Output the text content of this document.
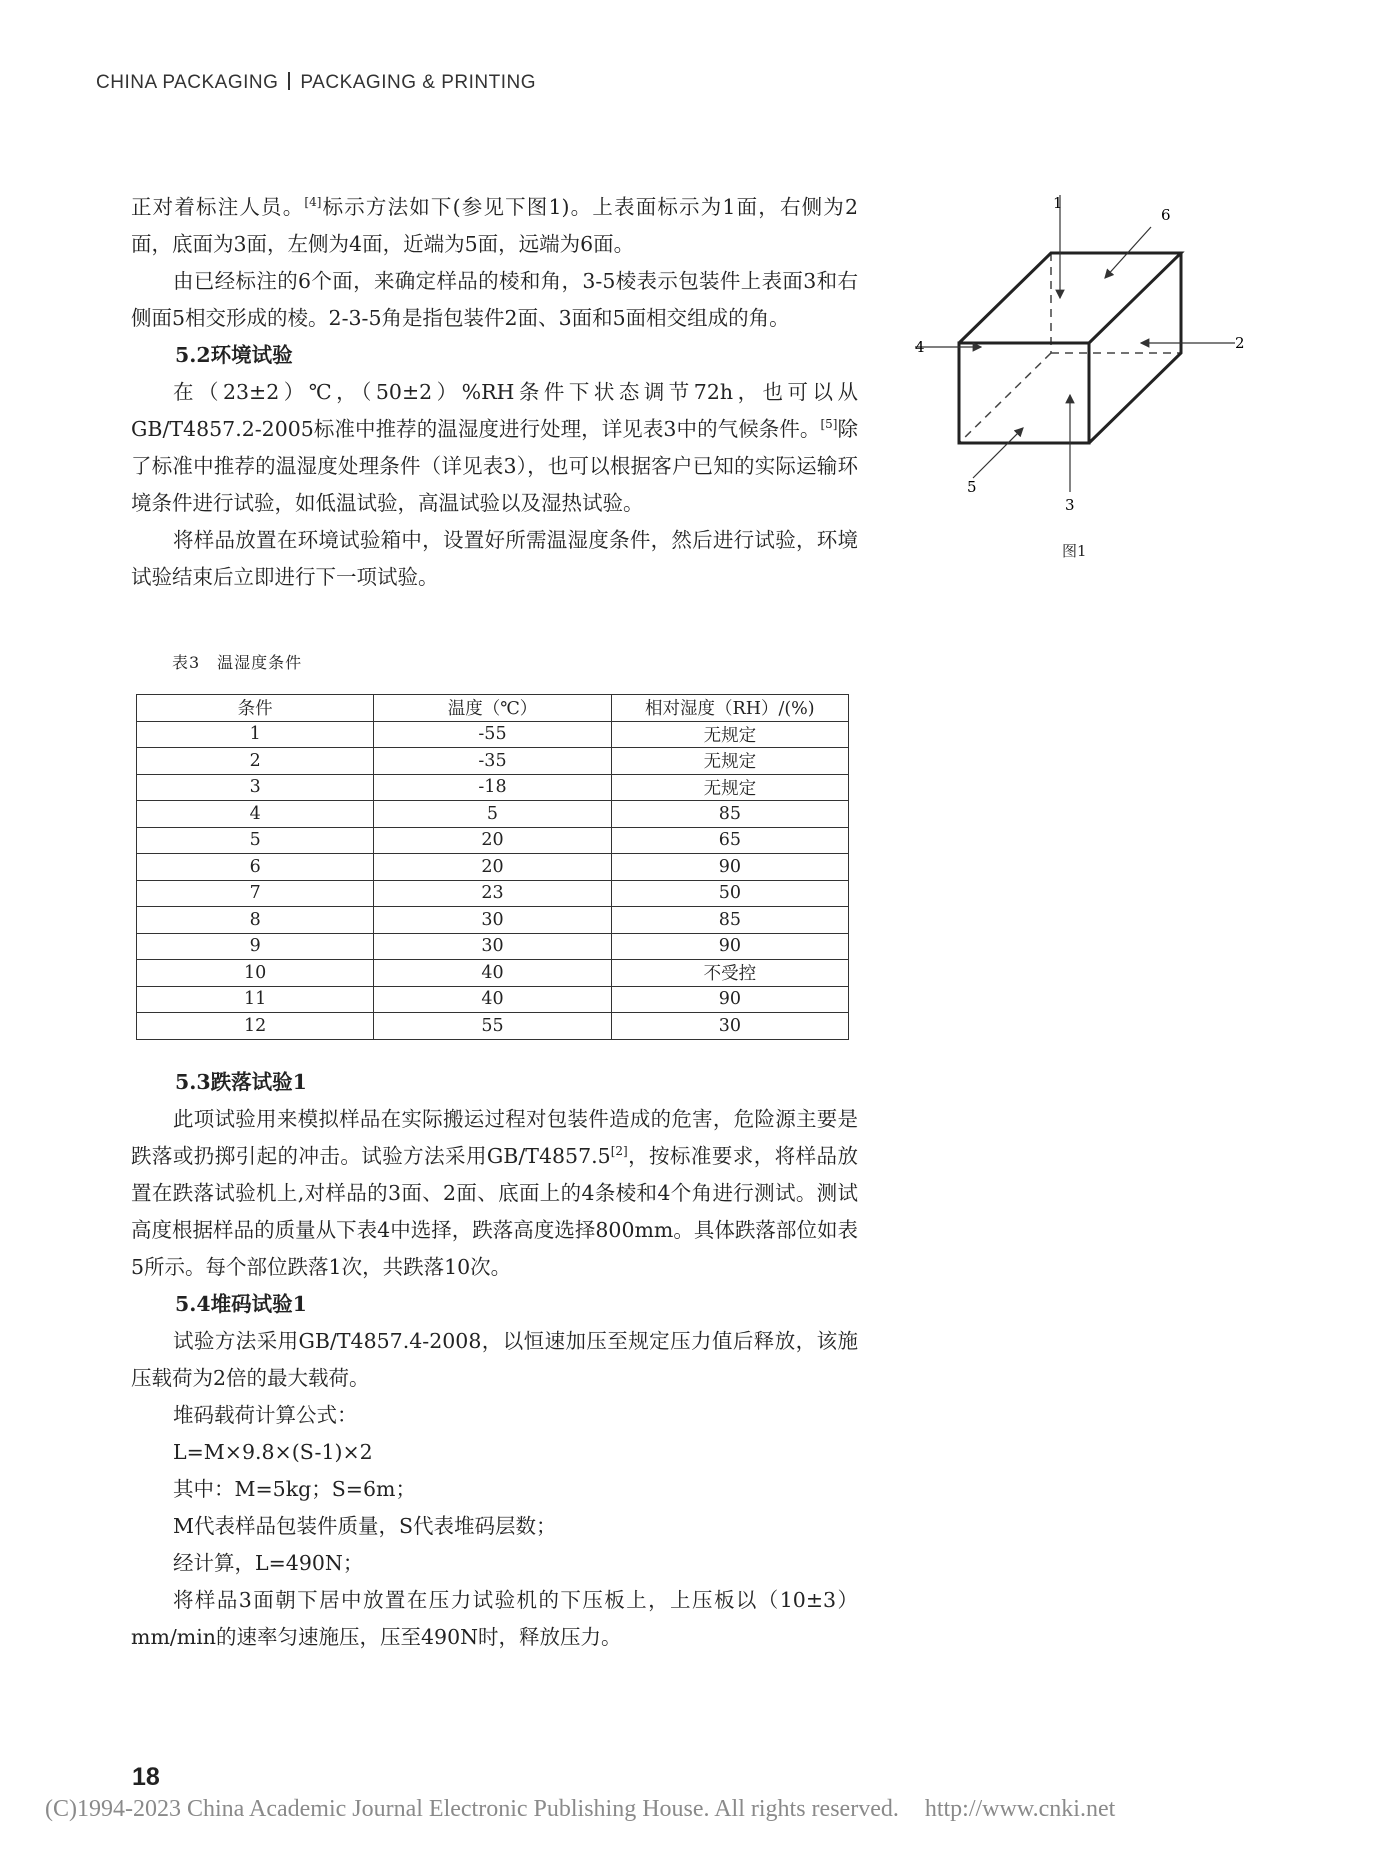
CHINA PACKAGING PACKAGING & PRINTING

正对着标注人员。[4]标示方法如下(参见下图1)。上表面标示为1面，右侧为2面，底面为3面，左侧为4面，近端为5面，远端为6面。

由已经标注的6个面，来确定样品的棱和角，3-5棱表示包装件上表面3和右侧面5相交形成的棱。2-3-5角是指包装件2面、3面和5面相交组成的角。

5.2环境试验

在（23±2）℃，（50±2）%RH条件下状态调节72h，也可以从GB/T4857.2-2005标准中推荐的温湿度进行处理，详见表3中的气候条件。[5]除了标准中推荐的温湿度处理条件（详见表3），也可以根据客户已知的实际运输环境条件进行试验，如低温试验，高温试验以及湿热试验。

将样品放置在环境试验箱中，设置好所需温湿度条件，然后进行试验，环境试验结束后立即进行下一项试验。

表3　温湿度条件
条件	温度（℃）	相对湿度（RH）/(%)
1	-55	无规定
2	-35	无规定
3	-18	无规定
4	5	85
5	20	65
6	20	90
7	23	50
8	30	85
9	30	90
10	40	不受控
11	40	90
12	55	30

5.3跌落试验1

此项试验用来模拟样品在实际搬运过程对包装件造成的危害，危险源主要是跌落或扔掷引起的冲击。试验方法采用GB/T4857.5[2]，按标准要求，将样品放置在跌落试验机上,对样品的3面、2面、底面上的4条棱和4个角进行测试。测试高度根据样品的质量从下表4中选择，跌落高度选择800mm。具体跌落部位如表5所示。每个部位跌落1次，共跌落10次。

5.4堆码试验1

试验方法采用GB/T4857.4-2008，以恒速加压至规定压力值后释放，该施压载荷为2倍的最大载荷。

堆码载荷计算公式：

L=M×9.8×(S-1)×2

其中：M=5kg；S=6m；

M代表样品包装件质量，S代表堆码层数；

经计算，L=490N；

将样品3面朝下居中放置在压力试验机的下压板上，上压板以（10±3）mm/min的速率匀速施压，压至490N时，释放压力。

1
6
2
4
5
3
图1
18
(C)1994-2023 China Academic Journal Electronic Publishing House. All rights reserved. http://www.cnki.net
